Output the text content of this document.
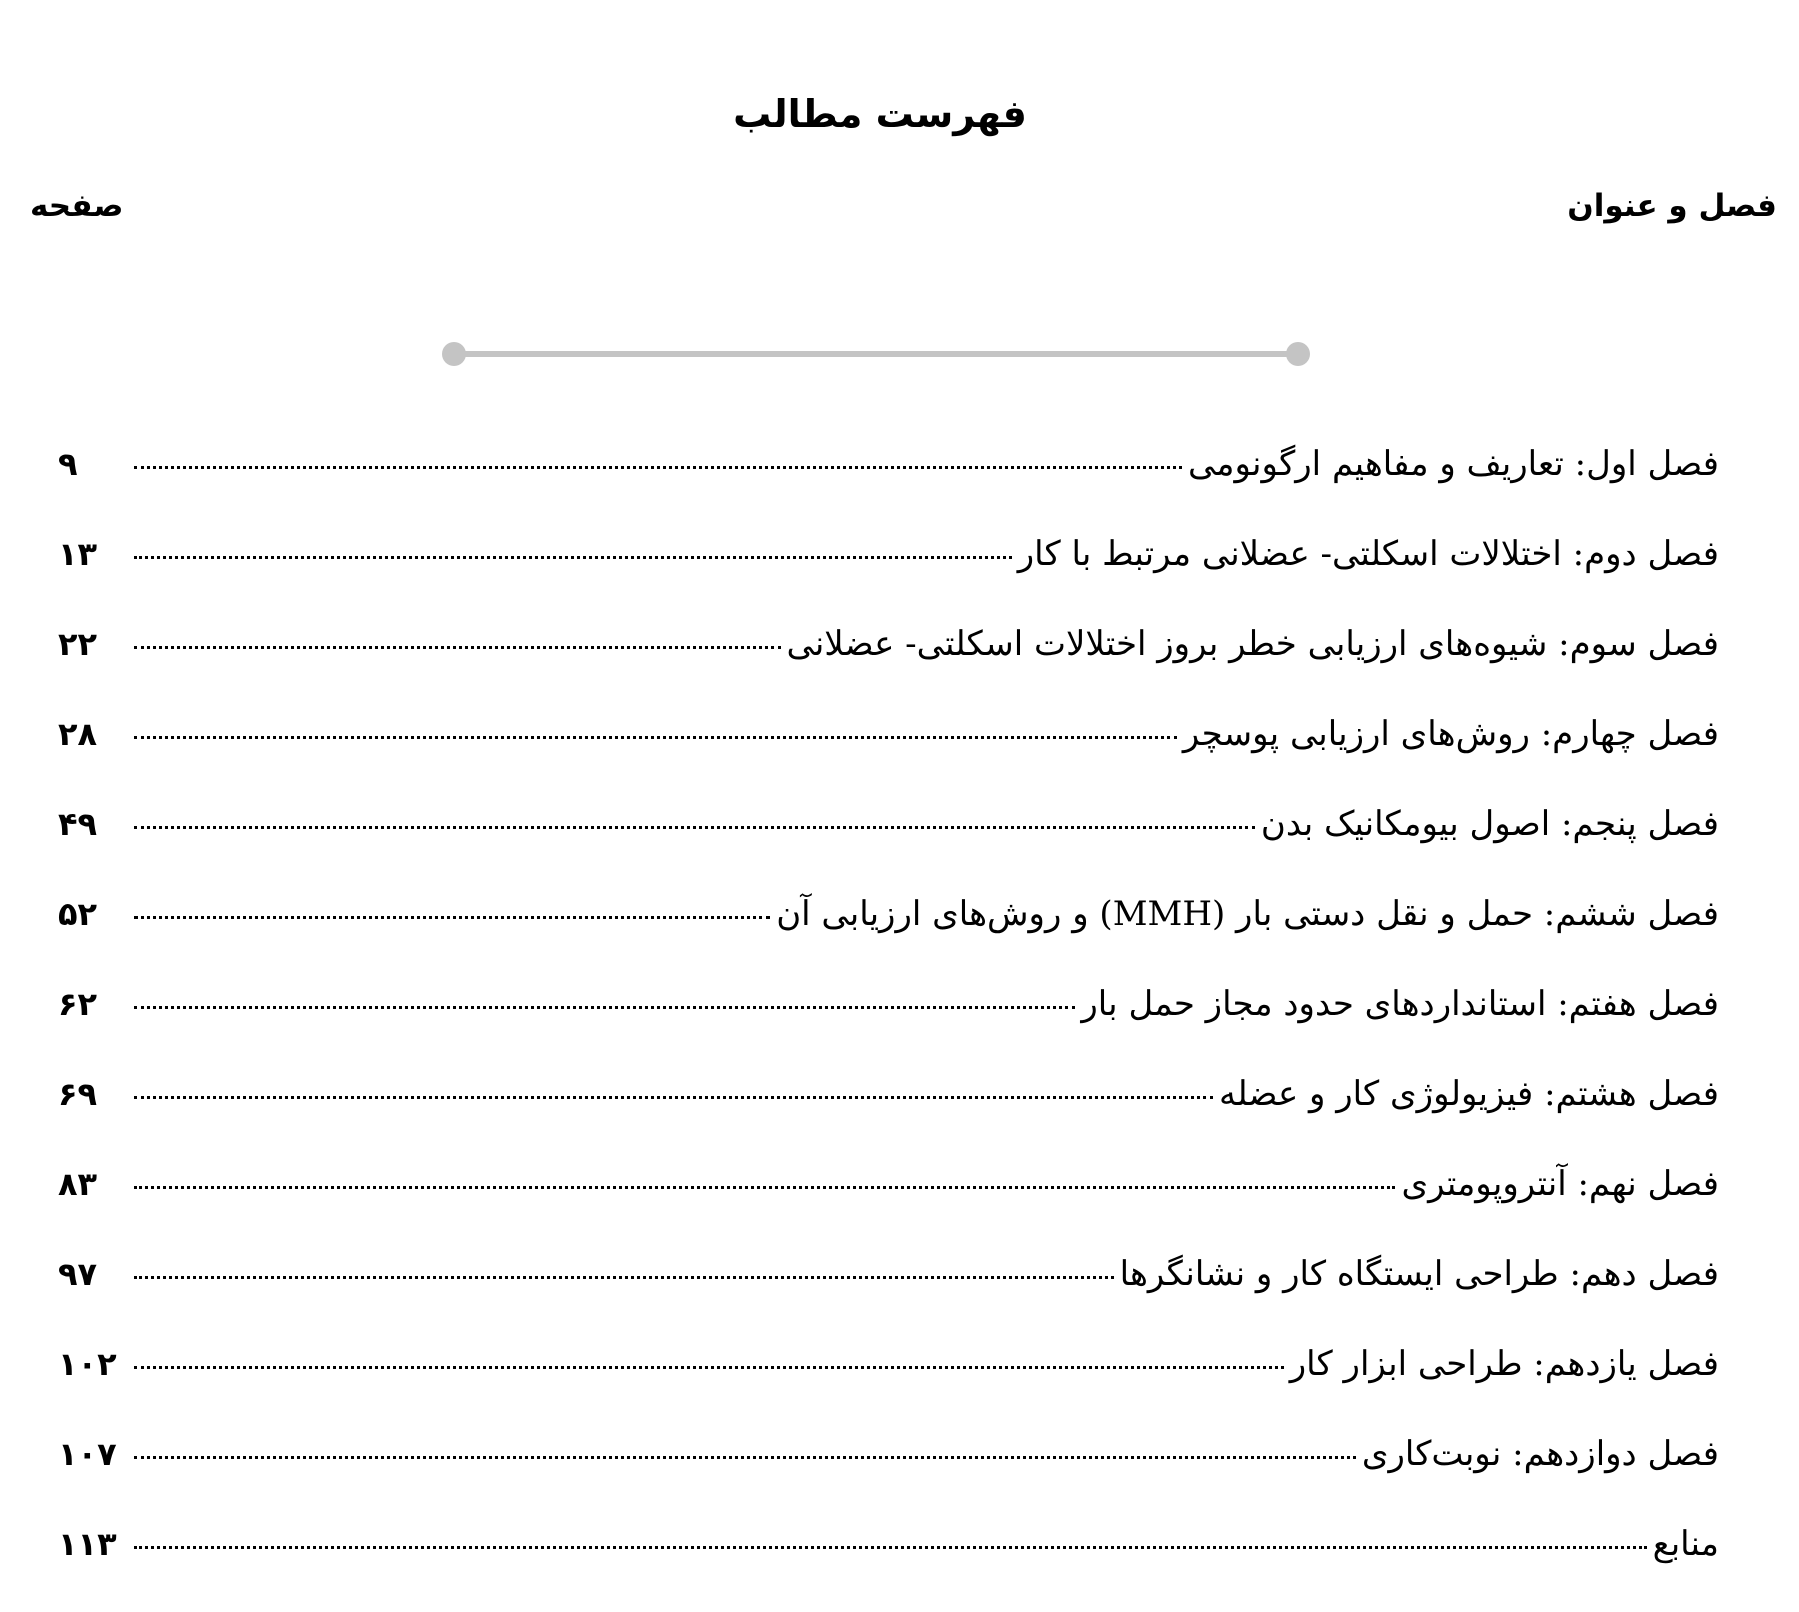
فهرست مطالب
فصل و عنوان
صفحه
فصل اول: تعاریف و مفاهیم ارگونومی
۹
فصل دوم: اختلالات اسکلتی- عضلانی مرتبط با کار
۱۳
فصل سوم: شیوه‌های ارزیابی خطر بروز اختلالات اسکلتی- عضلانی
۲۲
فصل چهارم: روش‌های ارزیابی پوسچر
۲۸
فصل پنجم: اصول بیومکانیک بدن
۴۹
فصل ششم: حمل و نقل دستی بار (MMH) و روش‌های ارزیابی آن
۵۲
فصل هفتم: استانداردهای حدود مجاز حمل بار
۶۲
فصل هشتم: فیزیولوژی کار و عضله
۶۹
فصل نهم: آنتروپومتری
۸۳
فصل دهم: طراحی ایستگاه کار و نشانگرها
۹۷
فصل یازدهم: طراحی ابزار کار
۱۰۲
فصل دوازدهم: نوبت‌کاری
۱۰۷
منابع
۱۱۳
